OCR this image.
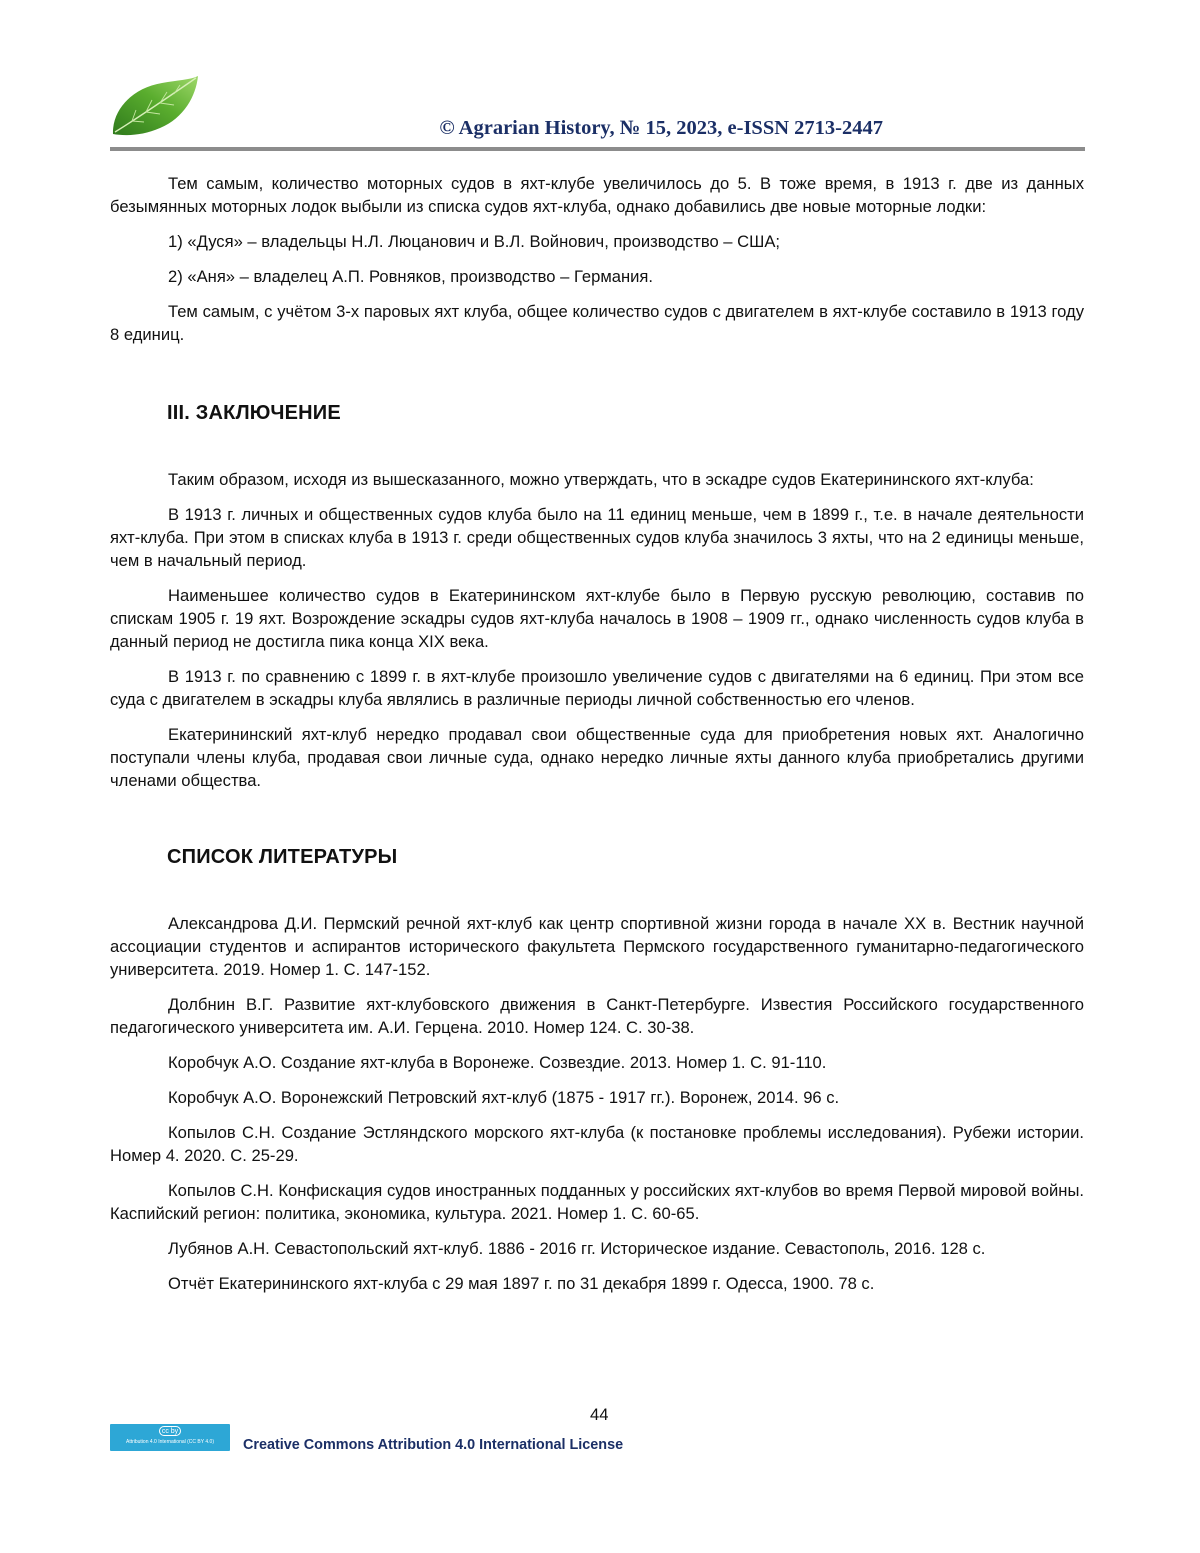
© Agrarian History, № 15, 2023, e-ISSN 2713-2447

Тем самым, количество моторных судов в яхт-клубе увеличилось до 5. В тоже время, в 1913 г. две из данных безымянных моторных лодок выбыли из списка судов яхт-клуба, однако добавились две новые моторные лодки:

1) «Дуся» – владельцы Н.Л. Люцанович и В.Л. Войнович, производство – США;

2) «Аня» – владелец А.П. Ровняков, производство – Германия.

Тем самым, с учётом 3-х паровых яхт клуба, общее количество судов с двигателем в яхт-клубе составило в 1913 году 8 единиц.

III. ЗАКЛЮЧЕНИЕ

Таким образом, исходя из вышесказанного, можно утверждать, что в эскадре судов Екатерининского яхт-клуба:

В 1913 г. личных и общественных судов клуба было на 11 единиц меньше, чем в 1899 г., т.е. в начале деятельности яхт-клуба. При этом в списках клуба в 1913 г. среди общественных судов клуба значилось 3 яхты, что на 2 единицы меньше, чем в начальный период.

Наименьшее количество судов в Екатерининском яхт-клубе было в Первую русскую революцию, составив по спискам 1905 г. 19 яхт. Возрождение эскадры судов яхт-клуба началось в 1908 – 1909 гг., однако численность судов клуба в данный период не достигла пика конца XIX века.

В 1913 г. по сравнению с 1899 г. в яхт-клубе произошло увеличение судов с двигателями на 6 единиц. При этом все суда с двигателем в эскадры клуба являлись в различные периоды личной собственностью его членов.

Екатерининский яхт-клуб нередко продавал свои общественные суда для приобретения новых яхт. Аналогично поступали члены клуба, продавая свои личные суда, однако нередко личные яхты данного клуба приобретались другими членами общества.

СПИСОК ЛИТЕРАТУРЫ

Александрова Д.И. Пермский речной яхт-клуб как центр спортивной жизни города в начале XX в. Вестник научной ассоциации студентов и аспирантов исторического факультета Пермского государственного гуманитарно-педагогического университета. 2019. Номер 1. С. 147-152.

Долбнин В.Г. Развитие яхт-клубовского движения в Санкт-Петербурге. Известия Российского государственного педагогического университета им. А.И. Герцена. 2010. Номер 124. С. 30-38.

Коробчук А.О. Создание яхт-клуба в Воронеже. Созвездие. 2013. Номер 1. С. 91-110.

Коробчук А.О. Воронежский Петровский яхт-клуб (1875 - 1917 гг.). Воронеж, 2014. 96 с.

Копылов С.Н. Создание Эстляндского морского яхт-клуба (к постановке проблемы исследования). Рубежи истории. Номер 4. 2020. С. 25-29.

Копылов С.Н. Конфискация судов иностранных подданных у российских яхт-клубов во время Первой мировой войны. Каспийский регион: политика, экономика, культура. 2021. Номер 1. С. 60-65.

Лубянов А.Н. Севастопольский яхт-клуб. 1886 - 2016 гг. Историческое издание. Севастополь, 2016. 128 с.

Отчёт Екатерининского яхт-клуба с 29 мая 1897 г. по 31 декабря 1899 г. Одесса, 1900. 78 с.

44

cc by
Attribution 4.0 International (CC BY 4.0)	Creative Commons Attribution 4.0 International License
